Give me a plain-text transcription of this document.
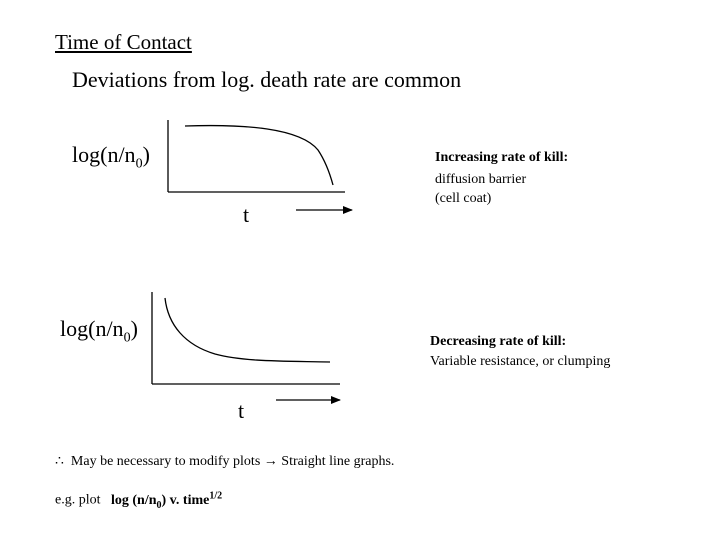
Time of Contact
Deviations from log. death rate are common
$\log(n/n_0)$
t
Increasing rate of kill:
diffusion barrier
(cell coat)
$\log(n/n_0)$
t
Decreasing rate of kill:
Variable resistance, or clumping
∴ May be necessary to modify plots → Straight line graphs.
e.g. plot $\log (n/n_0)$ v. time$^{1/2}$
